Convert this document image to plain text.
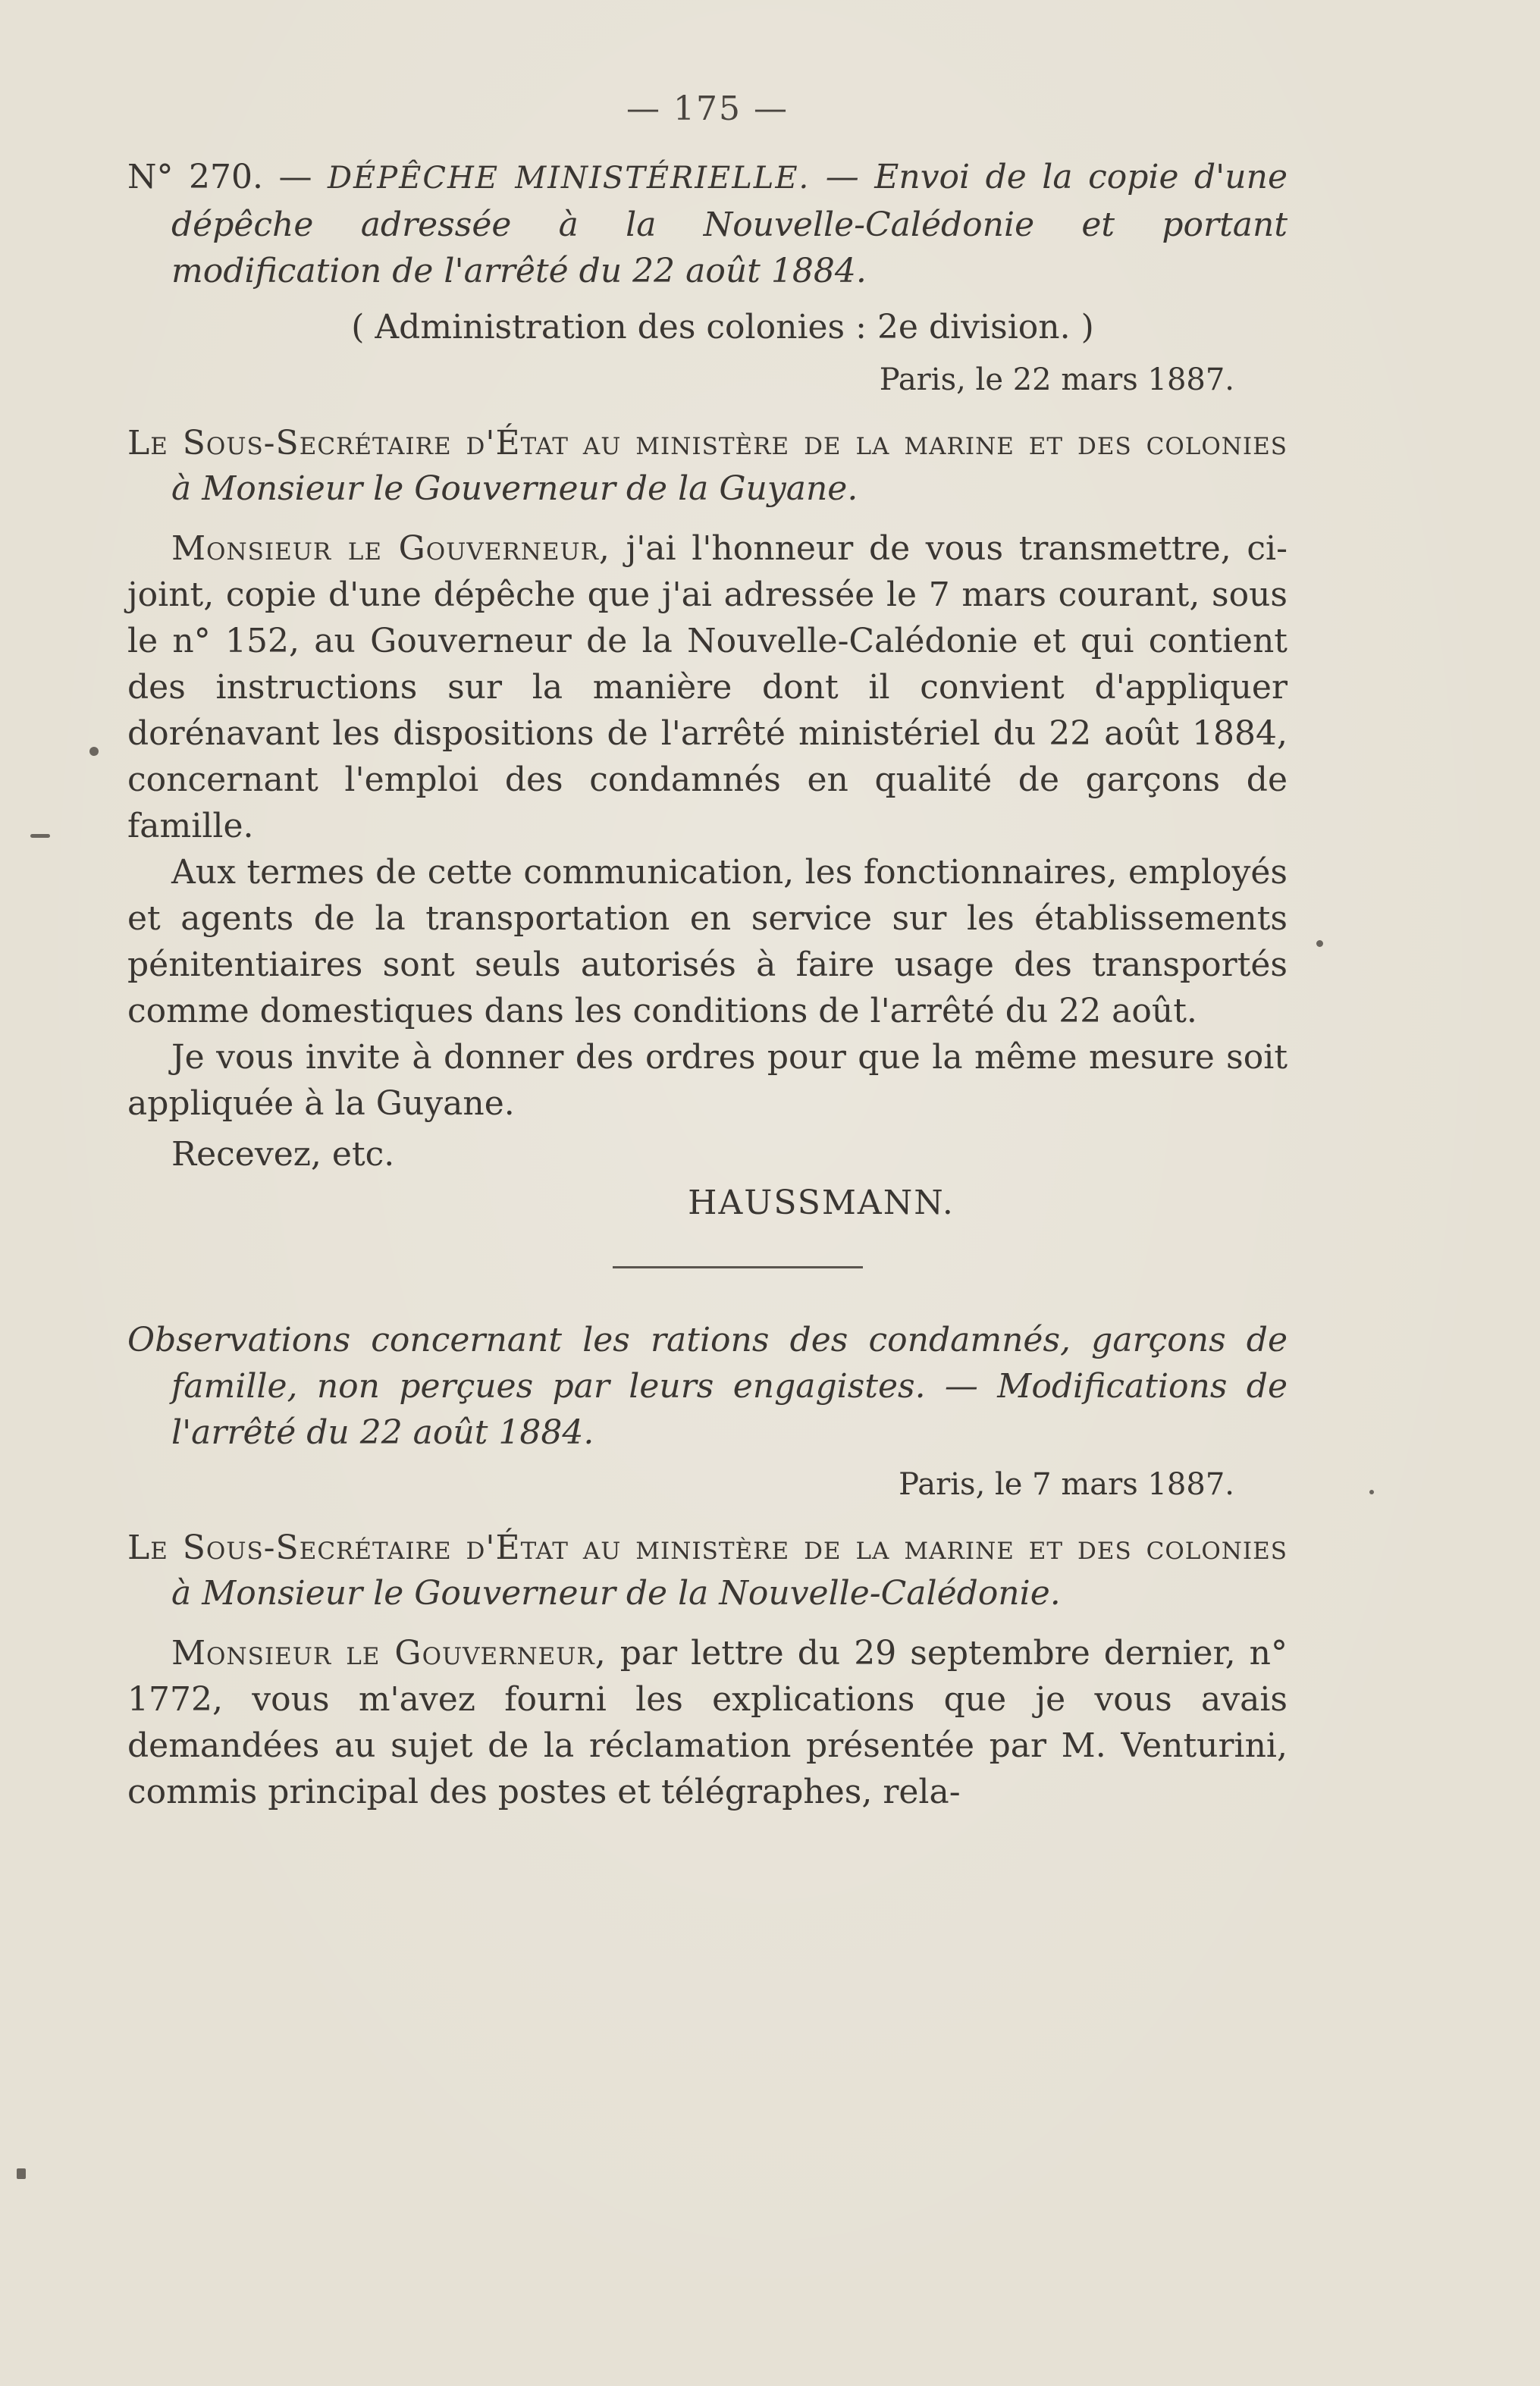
— 175 —

N° 270. — DÉPÊCHE MINISTÉRIELLE. — Envoi de la copie d'une dépêche adressée à la Nouvelle-Calédonie et portant modification de l'arrêté du 22 août 1884.

( Administration des colonies : 2e division. )
Paris, le 22 mars 1887.

Le Sous-Secrétaire d'État au ministère de la marine et des colonies à Monsieur le Gouverneur de la Guyane.

Monsieur le Gouverneur, j'ai l'honneur de vous transmettre, ci-joint, copie d'une dépêche que j'ai adressée le 7 mars courant, sous le n° 152, au Gouverneur de la Nouvelle-Calédonie et qui contient des instructions sur la manière dont il convient d'appliquer dorénavant les dispositions de l'arrêté ministériel du 22 août 1884, concernant l'emploi des condamnés en qualité de garçons de famille.

Aux termes de cette communication, les fonctionnaires, employés et agents de la transportation en service sur les établissements pénitentiaires sont seuls autorisés à faire usage des transportés comme domestiques dans les conditions de l'arrêté du 22 août.

Je vous invite à donner des ordres pour que la même mesure soit appliquée à la Guyane.

Recevez, etc.
HAUSSMANN.

Observations concernant les rations des condamnés, garçons de famille, non perçues par leurs engagistes. — Modifications de l'arrêté du 22 août 1884.

Paris, le 7 mars 1887.

Le Sous-Secrétaire d'État au ministère de la marine et des colonies à Monsieur le Gouverneur de la Nouvelle-Calédonie.

Monsieur le Gouverneur, par lettre du 29 septembre dernier, n° 1772, vous m'avez fourni les explications que je vous avais demandées au sujet de la réclamation présentée par M. Venturini, commis principal des postes et télégraphes, rela-
